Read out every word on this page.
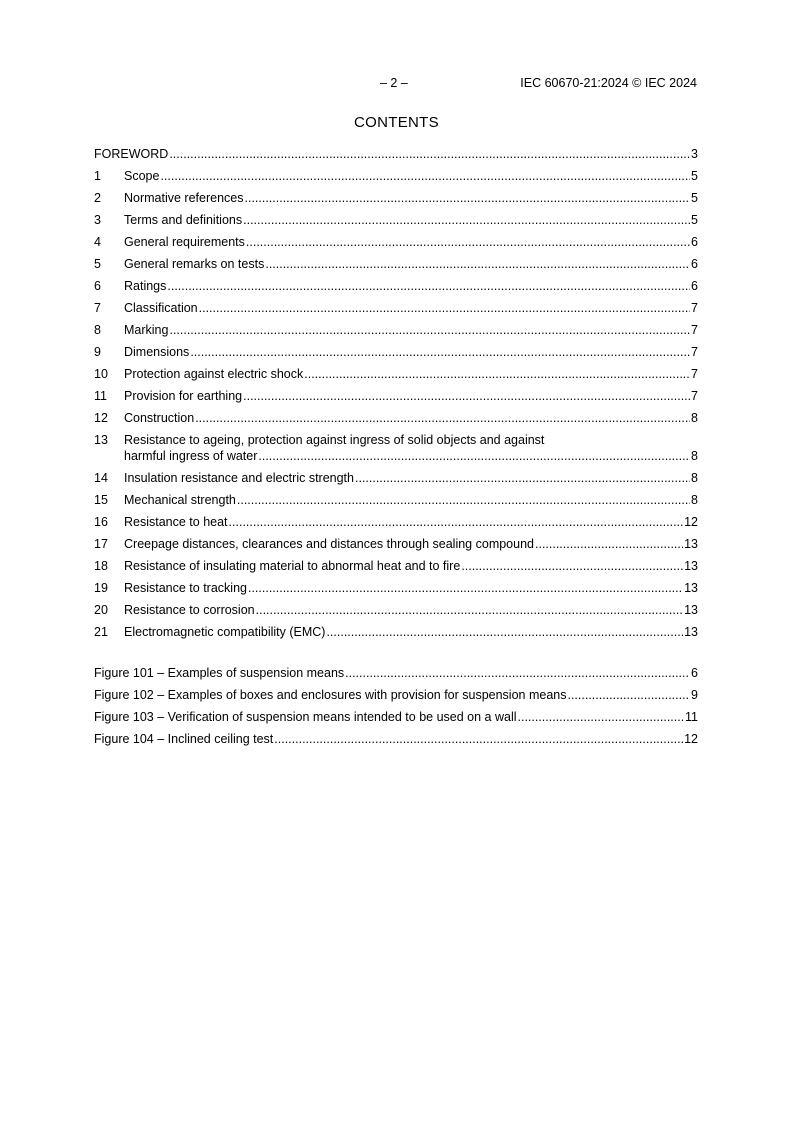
– 2 –	IEC 60670-21:2024 © IEC 2024
CONTENTS
FOREWORD .....	3
1	Scope .....	5
2	Normative references .....	5
3	Terms and definitions .....	5
4	General requirements .....	6
5	General remarks on tests .....	6
6	Ratings .....	6
7	Classification .....	7
8	Marking .....	7
9	Dimensions .....	7
10	Protection against electric shock .....	7
11	Provision for earthing .....	7
12	Construction .....	8
13	Resistance to ageing, protection against ingress of solid objects and against
harmful ingress of water .....	8
14	Insulation resistance and electric strength .....	8
15	Mechanical strength .....	8
16	Resistance to heat .....	12
17	Creepage distances, clearances and distances through sealing compound .....	13
18	Resistance of insulating material to abnormal heat and to fire .....	13
19	Resistance to tracking .....	13
20	Resistance to corrosion .....	13
21	Electromagnetic compatibility (EMC) .....	13
Figure 101 – Examples of suspension means .....	6
Figure 102 – Examples of boxes and enclosures with provision for suspension means .....	9
Figure 103 – Verification of suspension means intended to be used on a wall .....	11
Figure 104 – Inclined ceiling test .....	12
